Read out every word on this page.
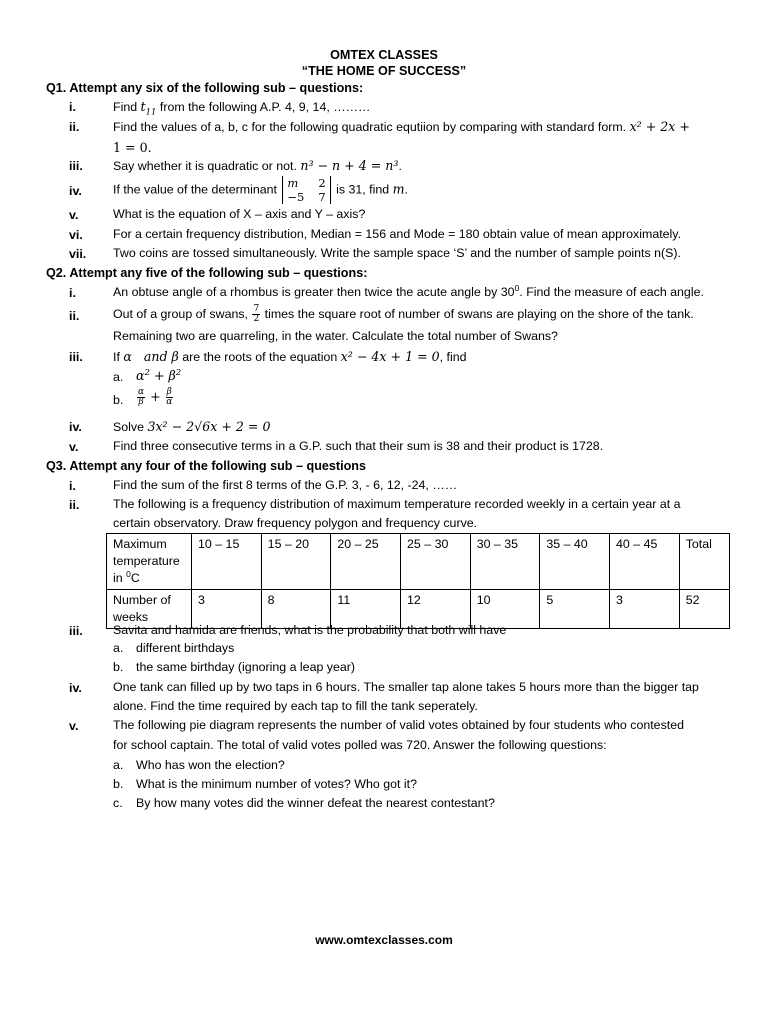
OMTEX CLASSES
“THE HOME OF SUCCESS”
Q1. Attempt any six of the following sub – questions:
i.	Find $t_{11}$ from the following A.P. 4, 9, 14, ………
ii.	Find the values of a, b, c for the following quadratic equtiion by comparing with standard form. x² + 2x +
1 = 0.
iii. Say whether it is quadratic or not. n³ − n + 4 = n³.
iv.	If the value of the determinant m 2
−5 7
is 31, find m.
v.	What is the equation of X – axis and Y – axis?
vi. For a certain frequency distribution, Median = 156 and Mode = 180 obtain value of mean approximately.
vii. Two coins are tossed simultaneously. Write the sample space ‘S’ and the number of sample points n(S).
Q2. Attempt any five of the following sub – questions:
i.	An obtuse angle of a rhombus is greater then twice the acute angle by $30^0$. Find the measure of each angle.
ii.	Out of a group of swans, $\frac{7}{2}$ times the square root of number of swans are playing on the shore of the tank.
Remaining two are quarreling, in the water. Calculate the total number of Swans?
iii. If α   and β are the roots of the equation x² − 4x + 1 = 0, find
a. $\alpha^2 + \beta^2$
b. $\frac{\alpha}{\beta} + \frac{\beta}{\alpha}$
iv.	Solve 3x² − 2√6x + 2 = 0
v.	Find three consecutive terms in a G.P. such that their sum is 38 and their product is 1728.
Q3. Attempt any four of the following sub – questions
i.	Find the sum of the first 8 terms of the G.P. 3, - 6, 12, -24, ……
ii.	The following is a frequency distribution of maximum temperature recorded weekly in a certain year at a
certain observatory. Draw frequency polygon and frequency curve.
Maximum
temperature
in $^0$C	10 – 15	15 – 20	20 – 25	25 – 30	30 – 35	35 – 40	40 – 45	Total
Number of
weeks	3	8	11	12	10	5	3	52
iii. Savita and hamida are friends, what is the probability that both will have
a. different birthdays
b. the same birthday (ignoring a leap year)
iv.	One tank can filled up by two taps in 6 hours. The smaller tap alone takes 5 hours more than the bigger tap
alone. Find the time required by each tap to fill the tank seperately.
v.	The following pie diagram represents the number of valid votes obtained by four students who contested
for school captain. The total of valid votes polled was 720. Answer the following questions:
a. Who has won the election?
b. What is the minimum number of votes? Who got it?
c. By how many votes did the winner defeat the nearest contestant?
www.omtexclasses.com
